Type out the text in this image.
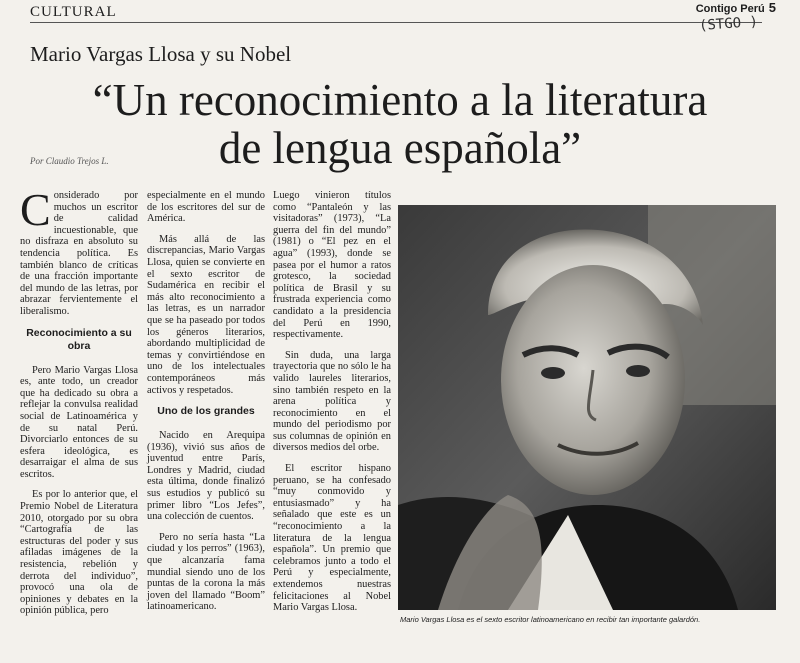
CULTURAL	Contigo Perú 5
(STGO )
Mario Vargas Llosa y su Nobel
“Un reconocimiento a la literatura
de lengua española”
Por Claudio Trejos L.

Considerado por muchos un escritor de calidad incuestionable, que no disfraza en absoluto su tendencia política. Es también blanco de críticas de una fracción importante del mundo de las letras, por abrazar fervientemente el liberalismo.

Reconocimiento a su obra

Pero Mario Vargas Llosa es, ante todo, un creador que ha dedicado su obra a reflejar la convulsa realidad social de Latinoamérica y de su natal Perú. Divorciarlo entonces de su esfera ideológica, es desarraigar el alma de sus escritos.

Es por lo anterior que, el Premio Nobel de Literatura 2010, otorgado por su obra “Cartografía de las estructuras del poder y sus afiladas imágenes de la resistencia, rebelión y derrota del individuo”, provocó una ola de opiniones y debates en la opinión pública, pero

especialmente en el mundo de los escritores del sur de América.

Más allá de las discrepancias, Mario Vargas Llosa, quien se convierte en el sexto escritor de Sudamérica en recibir el más alto reconocimiento a las letras, es un narrador que se ha paseado por todos los géneros literarios, abordando multiplicidad de temas y convirtiéndose en uno de los intelectuales contemporáneos más activos y respetados.

Uno de los grandes

Nacido en Arequipa (1936), vivió sus años de juventud entre París, Londres y Madrid, ciudad esta última, donde finalizó sus estudios y publicó su primer libro “Los Jefes”, una colección de cuentos.

Pero no sería hasta “La ciudad y los perros” (1963), que alcanzaría fama mundial siendo uno de los puntas de la corona la más joven del llamado “Boom” latinoamericano.

Luego vinieron títulos como “Pantaleón y las visitadoras” (1973), “La guerra del fin del mundo” (1981) o “El pez en el agua” (1993), donde se pasea por el humor a ratos grotesco, la sociedad política de Brasil y su frustrada experiencia como candidato a la presidencia del Perú en 1990, respectivamente.

Sin duda, una larga trayectoria que no sólo le ha valido laureles literarios, sino también respeto en la arena política y reconocimiento en el mundo del periodismo por sus columnas de opinión en diversos medios del orbe.

El escritor hispano peruano, se ha confesado “muy conmovido y entusiasmado” y ha señalado que este es un “reconocimiento a la literatura de la lengua española”. Un premio que celebramos junto a todo el Perú y especialmente, extendemos nuestras felicitaciones al Nobel Mario Vargas Llosa.

Mario Vargas Llosa es el sexto escritor latinoamericano en recibir tan importante galardón.
